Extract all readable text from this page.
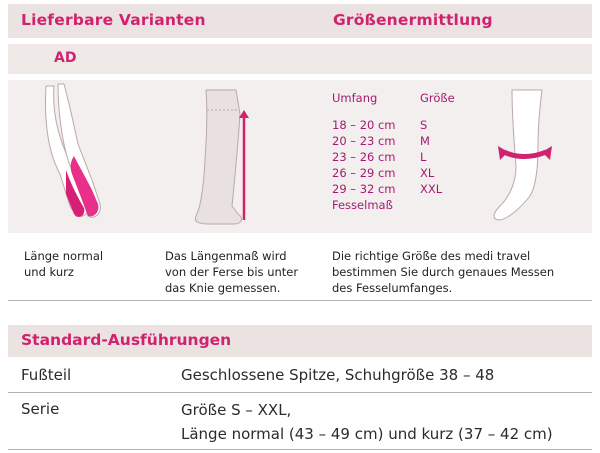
Lieferbare Varianten	Größenermittlung
AD
Umfang	Größe
18 – 20 cm S
20 – 23 cm M
23 – 26 cm L
26 – 29 cm XL
29 – 32 cm XXL
Fesselmaß
Länge normal
und kurz
Das Längenmaß wird
von der Ferse bis unter
das Knie gemessen.
Die richtige Größe des medi travel
bestimmen Sie durch genaues Messen
des Fesselumfanges.
Standard-Ausführungen
Fußteil	Geschlossene Spitze, Schuhgröße 38 – 48
Serie	Größe S – XXL,
Länge normal (43 – 49 cm) und kurz (37 – 42 cm)
